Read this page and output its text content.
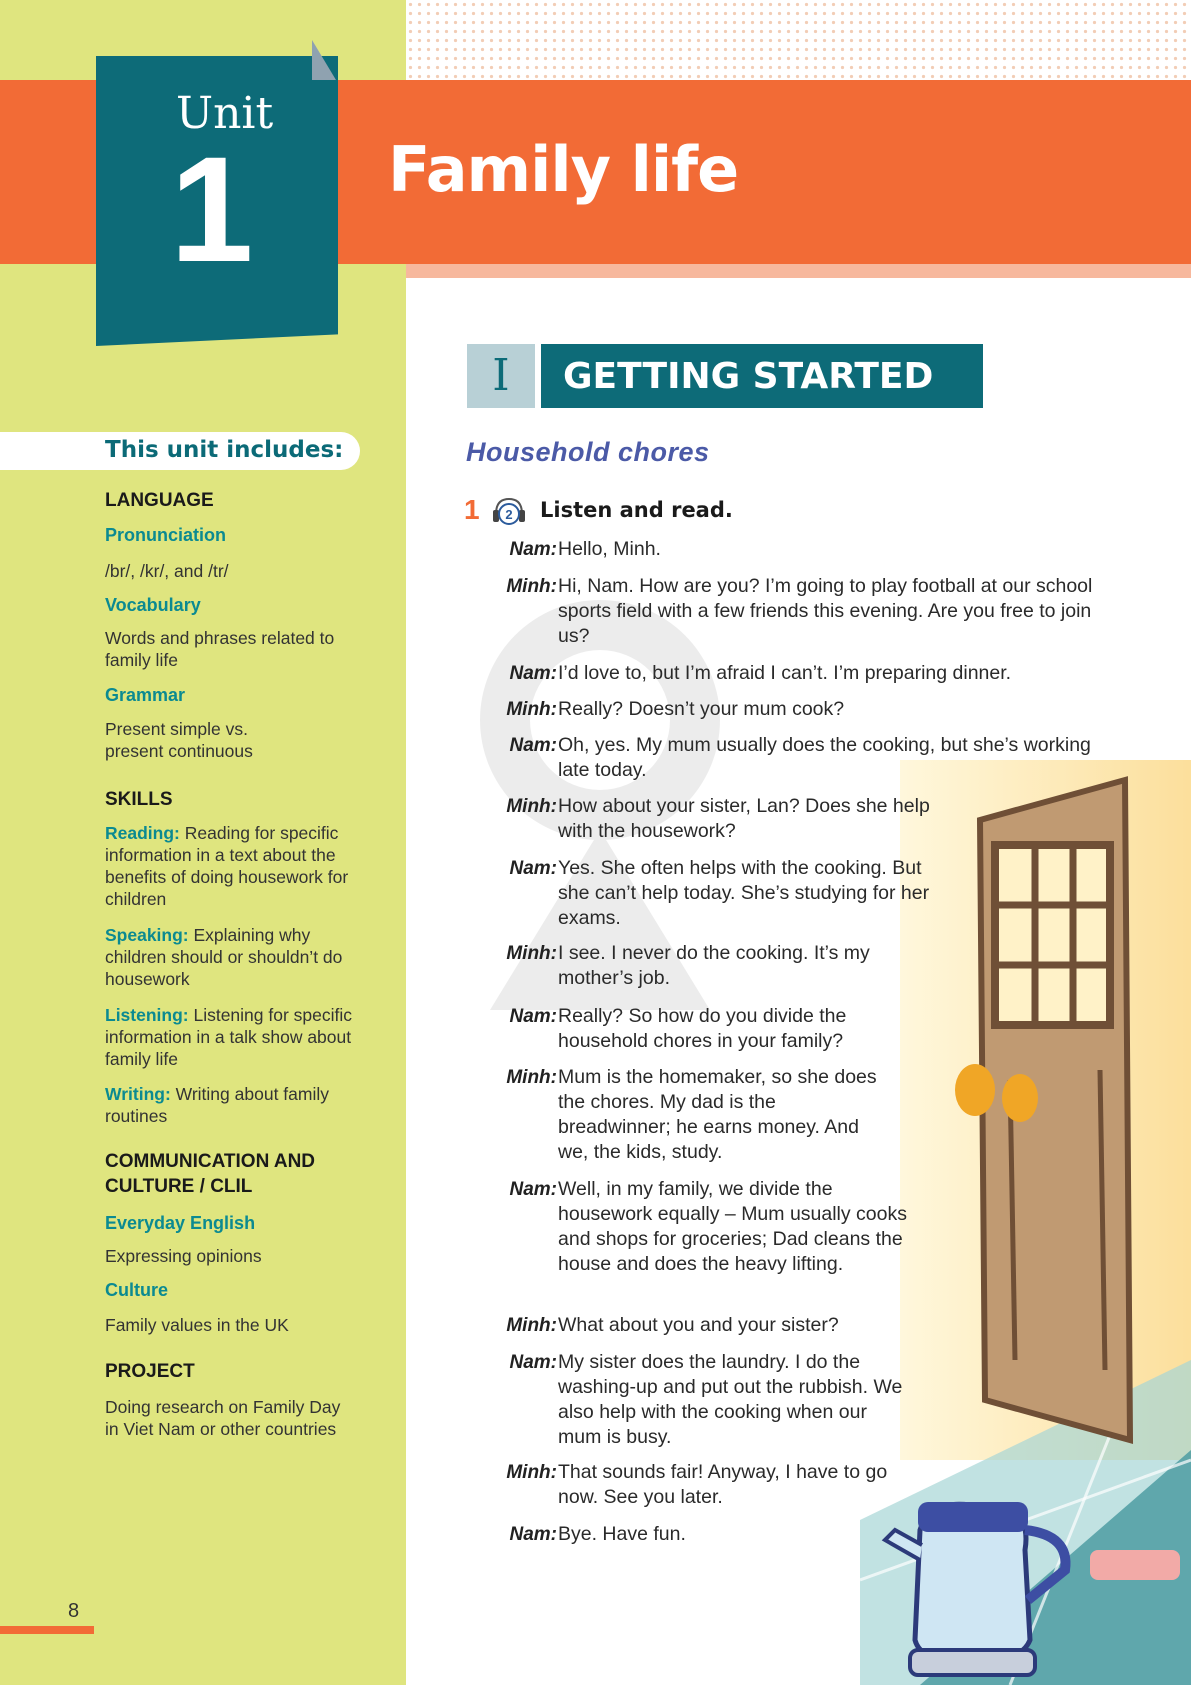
Unit
1 Family life
I	GETTING STARTED
This unit includes:
LANGUAGE
Pronunciation
/br/, /kr/, and /tr/
Vocabulary
Words and phrases related to family life
Grammar
Present simple vs. present continuous
SKILLS
Reading: Reading for specific information in a text about the benefits of doing housework for children
Speaking: Explaining why children should or shouldn’t do housework
Listening: Listening for specific information in a talk show about family life
Writing: Writing about family routines
COMMUNICATION AND CULTURE / CLIL
Everyday English
Expressing opinions
Culture
Family values in the UK
PROJECT
Doing research on Family Day in Viet Nam or other countries
8
Household chores
1 2 Listen and read.
Nam: Hello, Minh.
Minh: Hi, Nam. How are you? I’m going to play football at our school sports field with a few friends this evening. Are you free to join us?
Nam: I’d love to, but I’m afraid I can’t. I’m preparing dinner.
Minh: Really? Doesn’t your mum cook?
Nam: Oh, yes. My mum usually does the cooking, but she’s working late today.
Minh: How about your sister, Lan? Does she help with the housework?
Nam: Yes. She often helps with the cooking. But she can’t help today. She’s studying for her exams.
Minh: I see. I never do the cooking. It’s my mother’s job.
Nam: Really? So how do you divide the household chores in your family?
Minh: Mum is the homemaker, so she does the chores. My dad is the breadwinner; he earns money. And we, the kids, study.
Nam: Well, in my family, we divide the housework equally – Mum usually cooks and shops for groceries; Dad cleans the house and does the heavy lifting.
Minh: What about you and your sister?
Nam: My sister does the laundry. I do the washing-up and put out the rubbish. We also help with the cooking when our mum is busy.
Minh: That sounds fair! Anyway, I have to go now. See you later.
Nam: Bye. Have fun.
